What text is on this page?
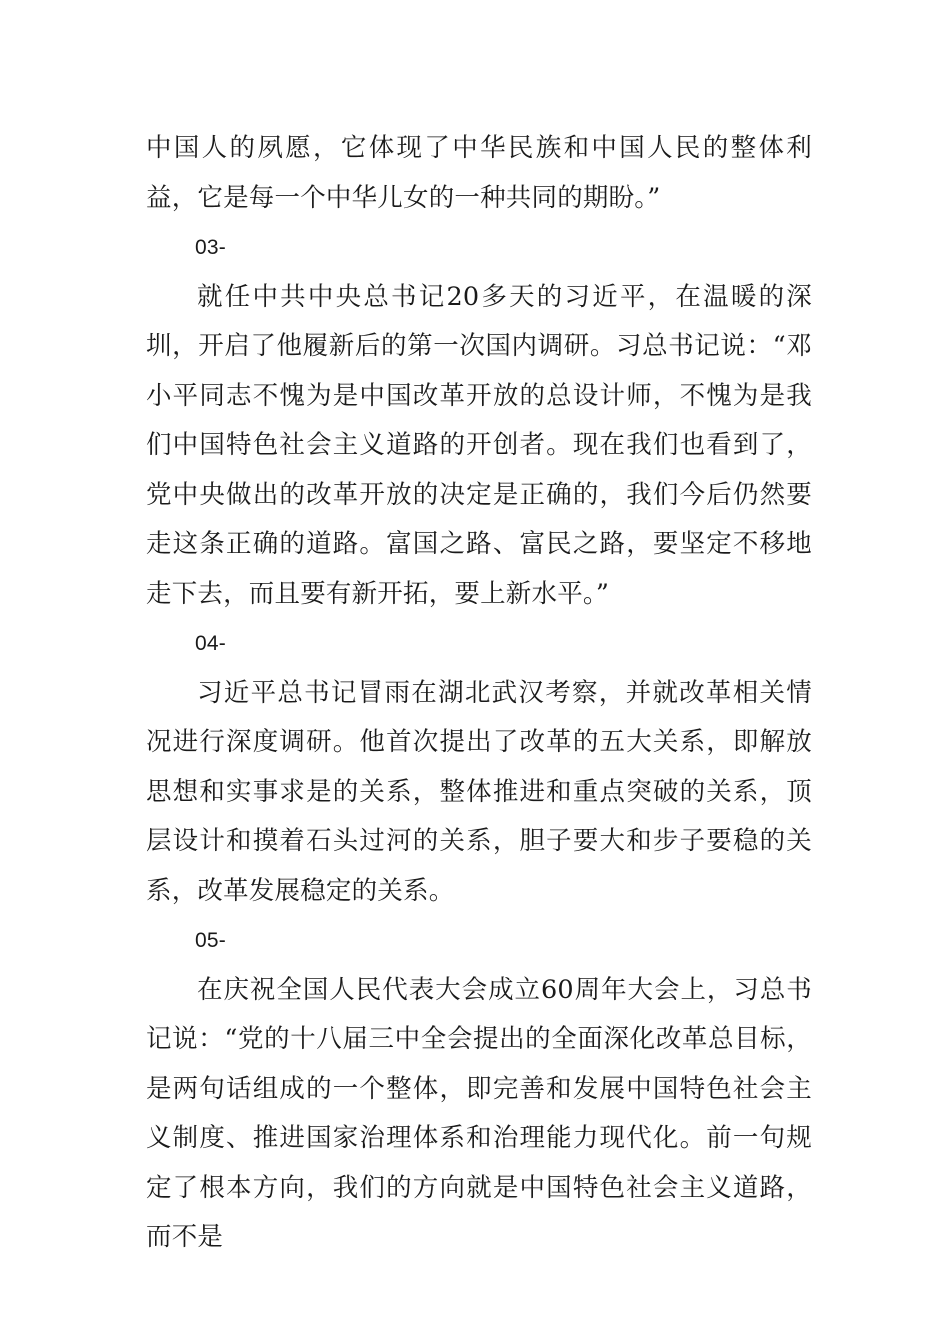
中国人的夙愿，它体现了中华民族和中国人民的整体利益，它是每一个中华儿女的一种共同的期盼。”

03-

就任中共中央总书记20多天的习近平，在温暖的深圳，开启了他履新后的第一次国内调研。习总书记说：“邓小平同志不愧为是中国改革开放的总设计师，不愧为是我们中国特色社会主义道路的开创者。现在我们也看到了，党中央做出的改革开放的决定是正确的，我们今后仍然要走这条正确的道路。富国之路、富民之路，要坚定不移地走下去，而且要有新开拓，要上新水平。”

04-

习近平总书记冒雨在湖北武汉考察，并就改革相关情况进行深度调研。他首次提出了改革的五大关系，即解放思想和实事求是的关系，整体推进和重点突破的关系，顶层设计和摸着石头过河的关系，胆子要大和步子要稳的关系，改革发展稳定的关系。

05-

在庆祝全国人民代表大会成立60周年大会上，习总书记说：“党的十八届三中全会提出的全面深化改革总目标，是两句话组成的一个整体，即完善和发展中国特色社会主义制度、推进国家治理体系和治理能力现代化。前一句规定了根本方向，我们的方向就是中国特色社会主义道路，而不是
